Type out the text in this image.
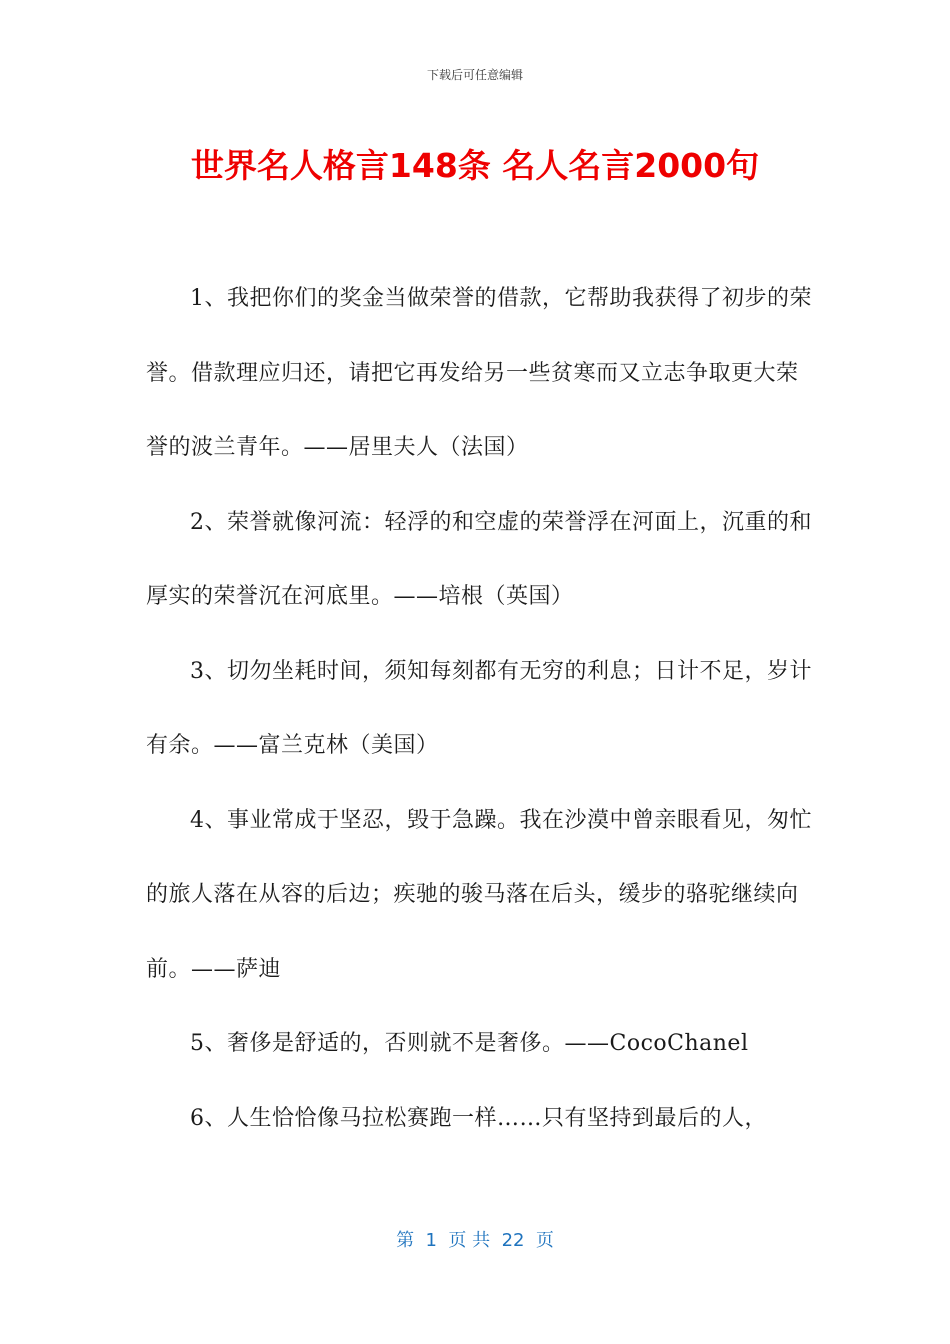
下载后可任意编辑
世界名人格言148条 名人名言2000句

1、我把你们的奖金当做荣誉的借款，它帮助我获得了初步的荣誉。借款理应归还，请把它再发给另一些贫寒而又立志争取更大荣誉的波兰青年。——居里夫人（法国）

2、荣誉就像河流：轻浮的和空虚的荣誉浮在河面上，沉重的和厚实的荣誉沉在河底里。——培根（英国）

3、切勿坐耗时间，须知每刻都有无穷的利息；日计不足，岁计有余。——富兰克林（美国）

4、事业常成于坚忍，毁于急躁。我在沙漠中曾亲眼看见，匆忙的旅人落在从容的后边；疾驰的骏马落在后头，缓步的骆驼继续向前。——萨迪

5、奢侈是舒适的，否则就不是奢侈。——CocoChanel

6、人生恰恰像马拉松赛跑一样……只有坚持到最后的人，

第  1  页 共  22  页
